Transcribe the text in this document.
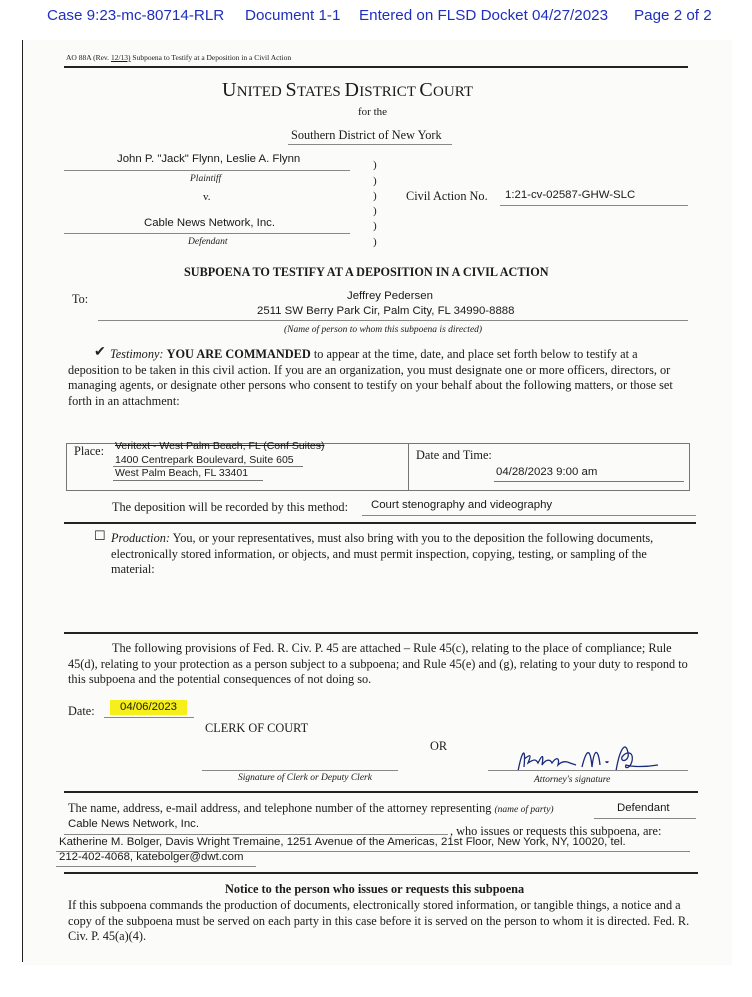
Case 9:23-mc-80714-RLR Document 1-1 Entered on FLSD Docket 04/27/2023 Page 2 of 2
AO 88A (Rev. 12/13) Subpoena to Testify at a Deposition in a Civil Action
UNITED STATES DISTRICT COURT
for the
Southern District of New York
John P. "Jack" Flynn, Leslie A. Flynn
Plaintiff
v.
Cable News Network, Inc.
Defendant
)
)
)
)
)
)
Civil Action No. 1:21-cv-02587-GHW-SLC
SUBPOENA TO TESTIFY AT A DEPOSITION IN A CIVIL ACTION
To:	Jeffrey Pedersen
2511 SW Berry Park Cir, Palm City, FL 34990-8888
(Name of person to whom this subpoena is directed)
✔ Testimony: YOU ARE COMMANDED to appear at the time, date, and place set forth below to testify at a deposition to be taken in this civil action. If you are an organization, you must designate one or more officers, directors, or managing agents, or designate other persons who consent to testify on your behalf about the following matters, or those set forth in an attachment:
Place: Veritext - West Palm Beach, FL (Conf Suites)
1400 Centrepark Boulevard, Suite 605
West Palm Beach, FL 33401
Date and Time:
04/28/2023 9:00 am
The deposition will be recorded by this method: Court stenography and videography
☐ Production: You, or your representatives, must also bring with you to the deposition the following documents, electronically stored information, or objects, and must permit inspection, copying, testing, or sampling of the material:
The following provisions of Fed. R. Civ. P. 45 are attached – Rule 45(c), relating to the place of compliance; Rule 45(d), relating to your protection as a person subject to a subpoena; and Rule 45(e) and (g), relating to your duty to respond to this subpoena and the potential consequences of not doing so.
Date:	04/06/2023
CLERK OF COURT
OR
Signature of Clerk or Deputy Clerk	Attorney's signature
The name, address, e-mail address, and telephone number of the attorney representing (name of party)	Defendant
Cable News Network, Inc.	, who issues or requests this subpoena, are:
Katherine M. Bolger, Davis Wright Tremaine, 1251 Avenue of the Americas, 21st Floor, New York, NY, 10020, tel.
212-402-4068, katebolger@dwt.com
Notice to the person who issues or requests this subpoena
If this subpoena commands the production of documents, electronically stored information, or tangible things, a notice and a copy of the subpoena must be served on each party in this case before it is served on the person to whom it is directed. Fed. R. Civ. P. 45(a)(4).
